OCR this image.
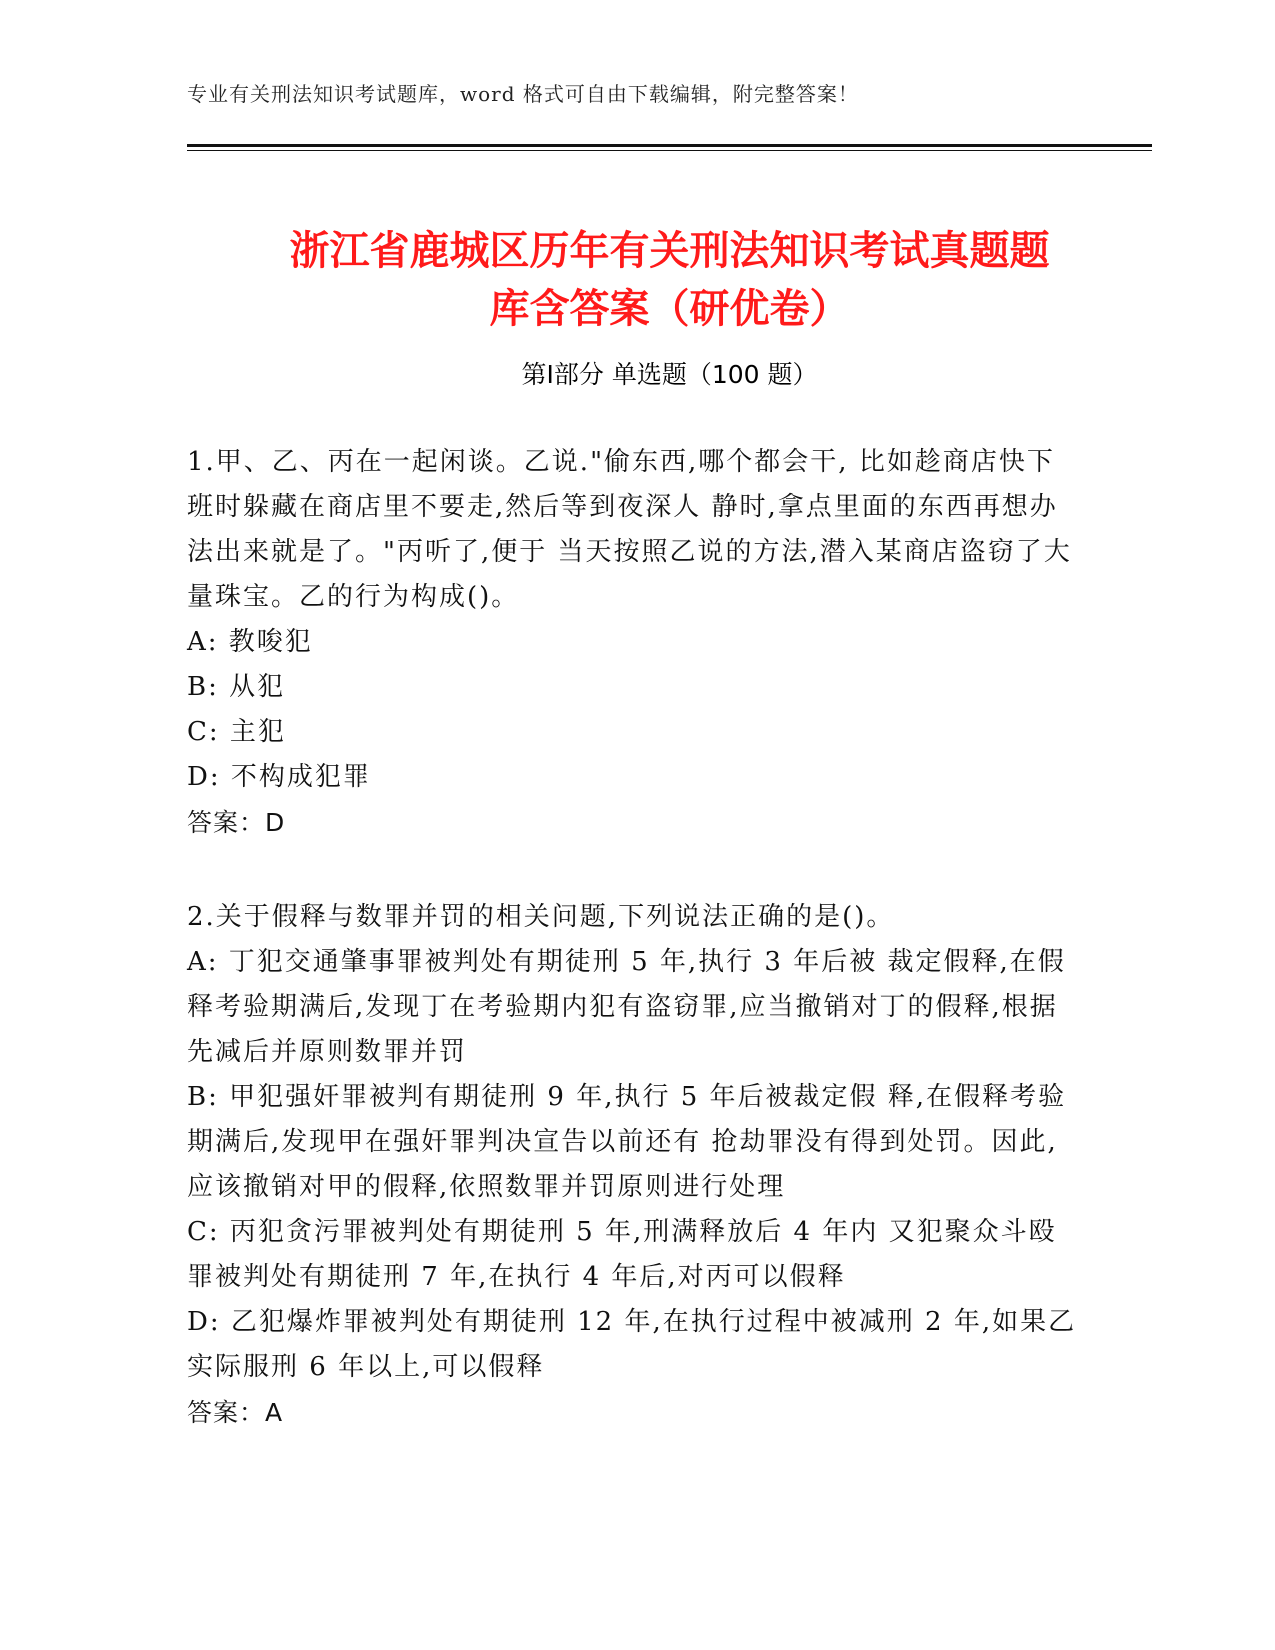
专业有关刑法知识考试题库，word 格式可自由下载编辑，附完整答案！
浙江省鹿城区历年有关刑法知识考试真题题
库含答案（研优卷）
第Ⅰ部分 单选题（100 题）

1.甲、乙、丙在一起闲谈。乙说."偷东西,哪个都会干, 比如趁商店快下班时躲藏在商店里不要走,然后等到夜深人 静时,拿点里面的东西再想办法出来就是了。"丙听了,便于 当天按照乙说的方法,潜入某商店盗窃了大量珠宝。乙的行为构成()。

A: 教唆犯

B: 从犯

C: 主犯

D: 不构成犯罪

答案：D

2.关于假释与数罪并罚的相关问题,下列说法正确的是()。

A: 丁犯交通肇事罪被判处有期徒刑 5 年,执行 3 年后被 裁定假释,在假释考验期满后,发现丁在考验期内犯有盗窃罪,应当撤销对丁的假释,根据先减后并原则数罪并罚

B: 甲犯强奸罪被判有期徒刑 9 年,执行 5 年后被裁定假 释,在假释考验期满后,发现甲在强奸罪判决宣告以前还有 抢劫罪没有得到处罚。因此,应该撤销对甲的假释,依照数罪并罚原则进行处理

C: 丙犯贪污罪被判处有期徒刑 5 年,刑满释放后 4 年内 又犯聚众斗殴罪被判处有期徒刑 7 年,在执行 4 年后,对丙可以假释

D: 乙犯爆炸罪被判处有期徒刑 12 年,在执行过程中被减刑 2 年,如果乙实际服刑 6 年以上,可以假释

答案：A
